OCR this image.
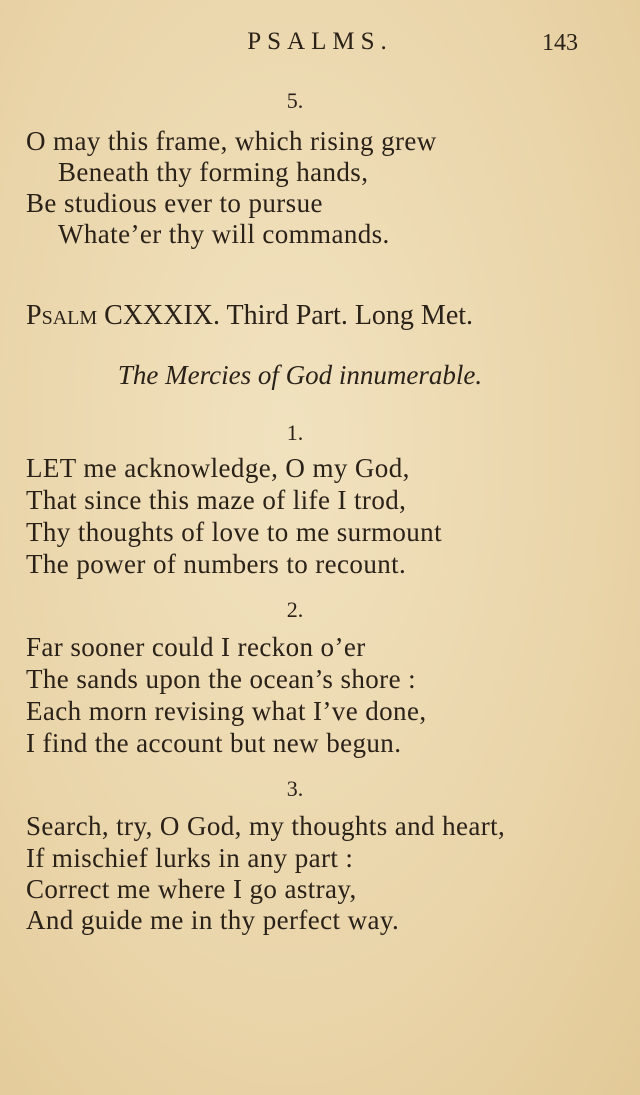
PSALMS.	143
5.
O may this frame, which rising grew
Beneath thy forming hands,
Be studious ever to pursue
Whate’er thy will commands.
Psalm CXXXIX. Third Part. Long Met.
The Mercies of God innumerable.
1.
LET me acknowledge, O my God,
That since this maze of life I trod,
Thy thoughts of love to me surmount
The power of numbers to recount.
2.
Far sooner could I reckon o’er
The sands upon the ocean’s shore :
Each morn revising what I’ve done,
I find the account but new begun.
3.
Search, try, O God, my thoughts and heart,
If mischief lurks in any part :
Correct me where I go astray,
And guide me in thy perfect way.
